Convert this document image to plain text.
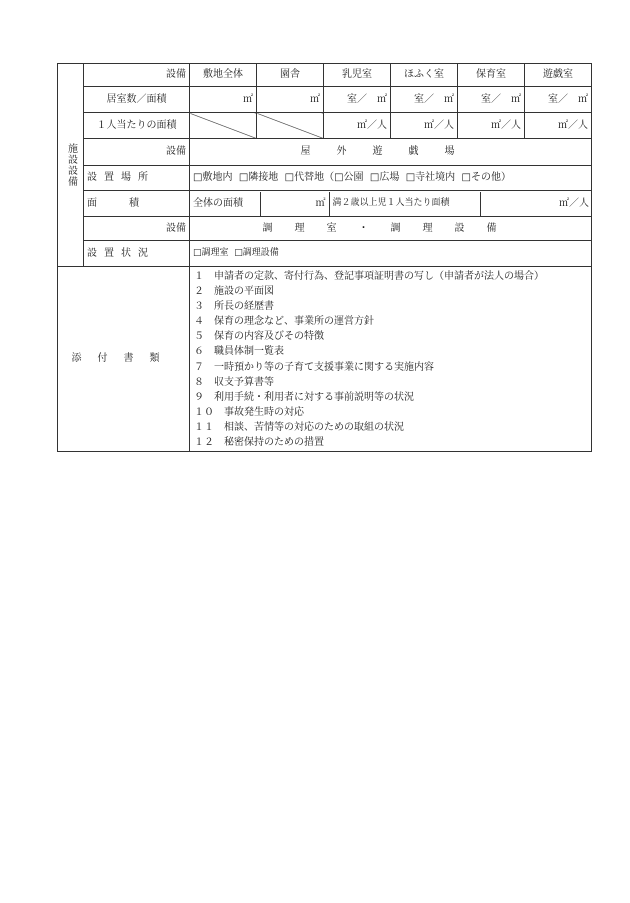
施設設備	設備	敷地全体	園舎	乳児室	ほふく室	保育室	遊戯室
居室数／面積	㎡	㎡	室／　㎡	室／　㎡	室／　㎡	室／　㎡
１人当たりの面積			㎡／人	㎡／人	㎡／人	㎡／人
設備	屋外遊戯場
設置場所	□敷地内 □隣接地 □代替地（□公園 □広場 □寺社境内 □その他）
面積	全体の面積	㎡	満２歳以上児１人当たり面積	㎡／人

設備	調理室・調理設備
設置状況	□調理室 □調理設備
添付書類	
１　申請者の定款、寄付行為、登記事項証明書の写し（申請者が法人の場合）
２　施設の平面図
３　所長の経歴書
４　保育の理念など、事業所の運営方針
５　保育の内容及びその特徴
６　職員体制一覧表
７　一時預かり等の子育て支援事業に関する実施内容
８　収支予算書等
９　利用手続・利用者に対する事前説明等の状況
１０　事故発生時の対応
１１　相談、苦情等の対応のための取組の状況
１２　秘密保持のための措置
